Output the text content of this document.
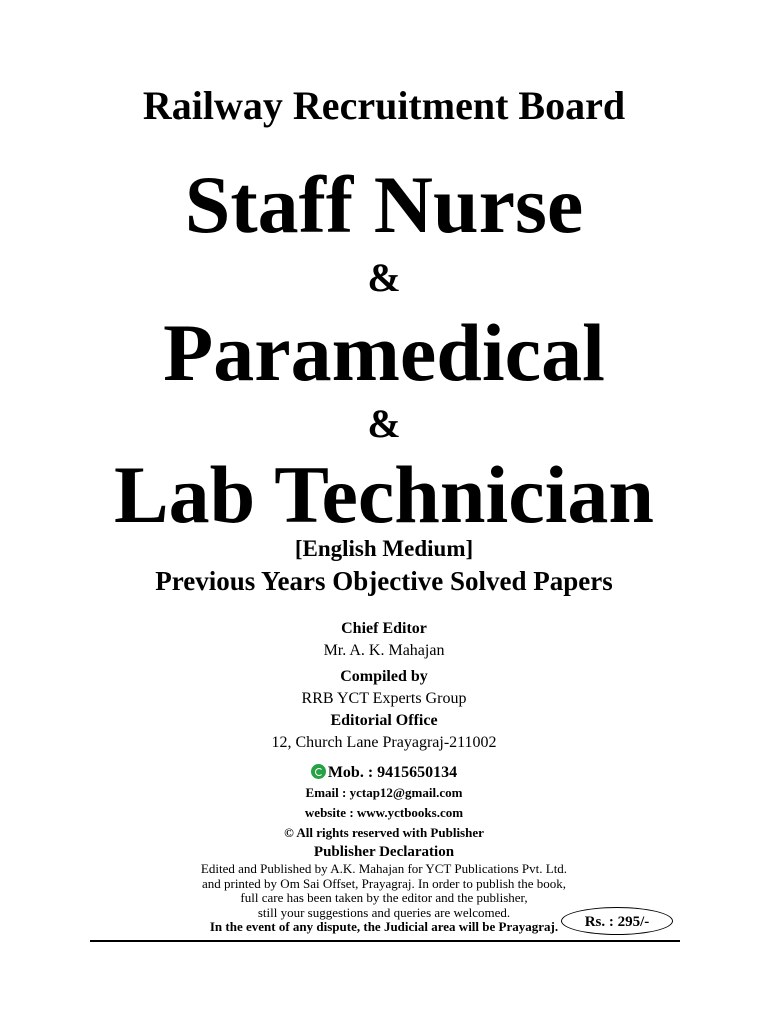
Railway Recruitment Board
Staff Nurse
&
Paramedical
&
Lab Technician
[English Medium]
Previous Years Objective Solved Papers
Chief Editor
Mr. A. K. Mahajan
Compiled by
RRB YCT Experts Group
Editorial Office
12, Church Lane Prayagraj-211002
Mob. : 9415650134
Email : yctap12@gmail.com
website : www.yctbooks.com
© All rights reserved with Publisher
Publisher Declaration
Edited and Published by A.K. Mahajan for YCT Publications Pvt. Ltd.
and printed by Om Sai Offset, Prayagraj. In order to publish the book,
full care has been taken by the editor and the publisher,
still your suggestions and queries are welcomed.
In the event of any dispute, the Judicial area will be Prayagraj.	Rs. : 295/-
